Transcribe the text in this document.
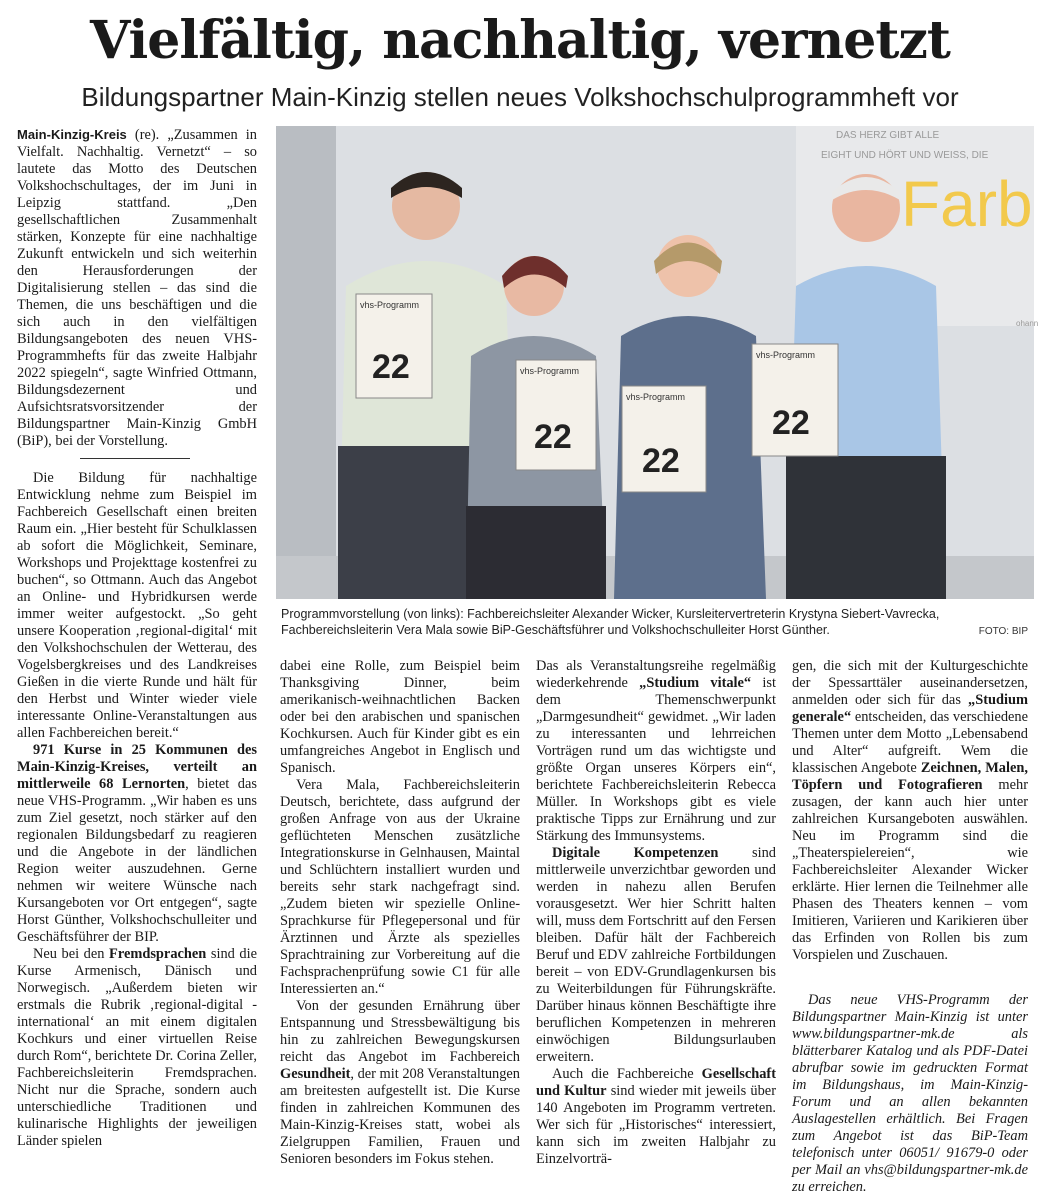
Vielfältig, nachhaltig, vernetzt
Bildungspartner Main-Kinzig stellen neues Volkshochschulprogrammheft vor

Main-Kinzig-Kreis (re). „Zusammen in Vielfalt. Nachhaltig. Vernetzt“ – so lautete das Motto des Deutschen Volkshochschultages, der im Juni in Leipzig stattfand. „Den gesellschaftlichen Zusammenhalt stärken, Konzepte für eine nachhaltige Zukunft entwickeln und sich weiterhin den Herausforderungen der Digitalisierung stellen – das sind die Themen, die uns beschäftigen und die sich auch in den vielfältigen Bildungsangeboten des neuen VHS-Programmhefts für das zweite Halbjahr 2022 spiegeln“, sagte Winfried Ottmann, Bildungsdezernent und Aufsichtsratsvorsitzender der Bildungspartner Main-Kinzig GmbH (BiP), bei der Vorstellung.

Die Bildung für nachhaltige Entwicklung nehme zum Beispiel im Fachbereich Gesellschaft einen breiten Raum ein. „Hier besteht für Schulklassen ab sofort die Möglichkeit, Seminare, Workshops und Projekttage kostenfrei zu buchen“, so Ottmann. Auch das Angebot an Online- und Hybridkursen werde immer weiter aufgestockt. „So geht unsere Kooperation ‚regional-digital‘ mit den Volkshochschulen der Wetterau, des Vogelsbergkreises und des Landkreises Gießen in die vierte Runde und hält für den Herbst und Winter wieder viele interessante Online-Veranstaltungen aus allen Fachbereichen bereit.“

971 Kurse in 25 Kommunen des Main-Kinzig-Kreises, verteilt an mittlerweile 68 Lernorten, bietet das neue VHS-Programm. „Wir haben es uns zum Ziel gesetzt, noch stärker auf den regionalen Bildungsbedarf zu reagieren und die Angebote in der ländlichen Region weiter auszudehnen. Gerne nehmen wir weitere Wünsche nach Kursangeboten vor Ort entgegen“, sagte Horst Günther, Volkshochschulleiter und Geschäftsführer der BIP.

Neu bei den Fremdsprachen sind die Kurse Armenisch, Dänisch und Norwegisch. „Außerdem bieten wir erstmals die Rubrik ‚regional-digital -international‘ an mit einem digitalen Kochkurs und einer virtuellen Reise durch Rom“, berichtete Dr. Corina Zeller, Fachbereichsleiterin Fremdsprachen. Nicht nur die Sprache, sondern auch unterschiedliche Traditionen und kulinarische Highlights der jeweiligen Länder spielen

DAS HERZ GIBT ALLE
EIGHT UND HÖRT UND WEISS, DIE
Farb
ohann
vhs-Programm
22	vhs-Programm
22
vhs-Programm
22
vhs-Programm
22
Programmvorstellung (von links): Fachbereichsleiter Alexander Wicker, Kursleitervertreterin Krystyna Siebert-Vavrecka, Fachbereichsleiterin Vera Mala sowie BiP-Geschäftsführer und Volkshochschulleiter Horst Günther.	FOTO: BIP

dabei eine Rolle, zum Beispiel beim Thanksgiving Dinner, beim amerikanisch-weihnachtlichen Backen oder bei den arabischen und spanischen Kochkursen. Auch für Kinder gibt es ein umfangreiches Angebot in Englisch und Spanisch.

Vera Mala, Fachbereichsleiterin Deutsch, berichtete, dass aufgrund der großen Anfrage von aus der Ukraine geflüchteten Menschen zusätzliche Integrationskurse in Gelnhausen, Maintal und Schlüchtern installiert wurden und bereits sehr stark nachgefragt sind. „Zudem bieten wir spezielle Online-Sprachkurse für Pflegepersonal und für Ärztinnen und Ärzte als spezielles Sprachtraining zur Vorbereitung auf die Fachsprachenprüfung sowie C1 für alle Interessierten an.“

Von der gesunden Ernährung über Entspannung und Stressbewältigung bis hin zu zahlreichen Bewegungskursen reicht das Angebot im Fachbereich Gesundheit, der mit 208 Veranstaltungen am breitesten aufgestellt ist. Die Kurse finden in zahlreichen Kommunen des Main-Kinzig-Kreises statt, wobei als Zielgruppen Familien, Frauen und Senioren besonders im Fokus stehen.

Das als Veranstaltungsreihe regelmäßig wiederkehrende „Studium vitale“ ist dem Themenschwerpunkt „Darmgesundheit“ gewidmet. „Wir laden zu interessanten und lehrreichen Vorträgen rund um das wichtigste und größte Organ unseres Körpers ein“, berichtete Fachbereichsleiterin Rebecca Müller. In Workshops gibt es viele praktische Tipps zur Ernährung und zur Stärkung des Immunsystems.

Digitale Kompetenzen sind mittlerweile unverzichtbar geworden und werden in nahezu allen Berufen vorausgesetzt. Wer hier Schritt halten will, muss dem Fortschritt auf den Fersen bleiben. Dafür hält der Fachbereich Beruf und EDV zahlreiche Fortbildungen bereit – von EDV-Grundlagenkursen bis zu Weiterbildungen für Führungskräfte. Darüber hinaus können Beschäftigte ihre beruflichen Kompetenzen in mehreren einwöchigen Bildungsurlauben erweitern.

Auch die Fachbereiche Gesellschaft und Kultur sind wieder mit jeweils über 140 Angeboten im Programm vertreten. Wer sich für „Historisches“ interessiert, kann sich im zweiten Halbjahr zu Einzelvorträ-

gen, die sich mit der Kulturgeschichte der Spessarttäler auseinandersetzen, anmelden oder sich für das „Studium generale“ entscheiden, das verschiedene Themen unter dem Motto „Lebensabend und Alter“ aufgreift. Wem die klassischen Angebote Zeichnen, Malen, Töpfern und Fotografieren mehr zusagen, der kann auch hier unter zahlreichen Kursangeboten auswählen. Neu im Programm sind die „Theaterspielereien“, wie Fachbereichsleiter Alexander Wicker erklärte. Hier lernen die Teilnehmer alle Phasen des Theaters kennen – vom Imitieren, Variieren und Karikieren über das Erfinden von Rollen bis zum Vorspielen und Zuschauen.

Das neue VHS-Programm der Bildungspartner Main-Kinzig ist unter www.bildungspartner-mk.de als blätterbarer Katalog und als PDF-Datei abrufbar sowie im gedruckten Format im Bildungshaus, im Main-Kinzig-Forum und an allen bekannten Auslagestellen erhältlich. Bei Fragen zum Angebot ist das BiP-Team telefonisch unter 06051/ 91679-0 oder per Mail an vhs@bildungspartner-mk.de zu erreichen.
